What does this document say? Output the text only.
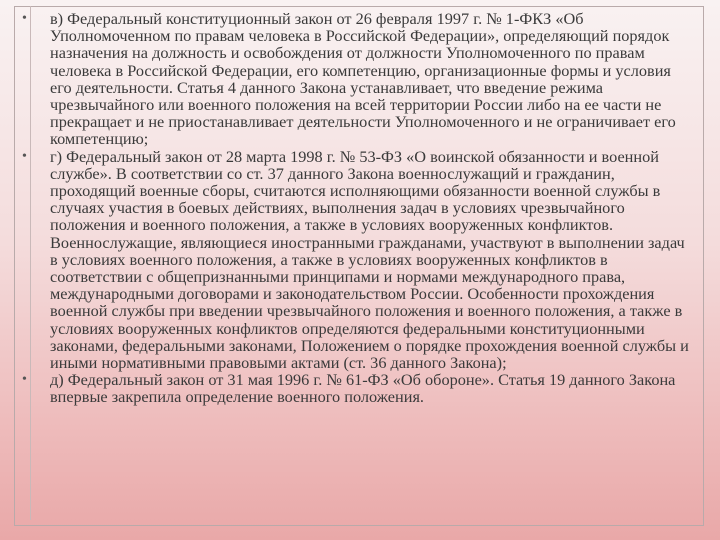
• в) Федеральный конституционный закон от 26 февраля 1997 г. № 1-ФКЗ «Об Уполномоченном по правам человека в Российской Федерации», определяющий порядок назначения на должность и освобождения от должности Уполномоченного по правам человека в Российской Федерации, его компетенцию, организационные формы и условия его деятельности. Статья 4 данного Закона устанавливает, что введение режима чрезвычайного или военного положения на всей территории России либо на ее части не прекращает и не приостанавливает деятельности Уполномоченного и не ограничивает его компетенцию;
• г) Федеральный закон от 28 марта 1998 г. № 53-ФЗ «О воинской обязанности и военной службе». В соответствии со ст. 37 данного Закона военнослужащий и гражданин, проходящий военные сборы, считаются исполняющими обязанности военной службы в случаях участия в боевых действиях, выполнения задач в условиях чрезвычайного положения и военного положения, а также в условиях вооруженных конфликтов. Военнослужащие, являющиеся иностранными гражданами, участвуют в выполнении задач в условиях военного положения, а также в условиях вооруженных конфликтов в соответствии с общепризнанными принципами и нормами международного права, международными договорами и законодательством России. Особенности прохождения военной службы при введении чрезвычайного положения и военного положения, а также в условиях вооруженных конфликтов определяются федеральными конституционными законами, федеральными законами, Положением о порядке прохождения военной службы и иными нормативными правовыми актами (ст. 36 данного Закона);
• д) Федеральный закон от 31 мая 1996 г. № 61-ФЗ «Об обороне». Статья 19 данного Закона впервые закрепила определение военного положения.
